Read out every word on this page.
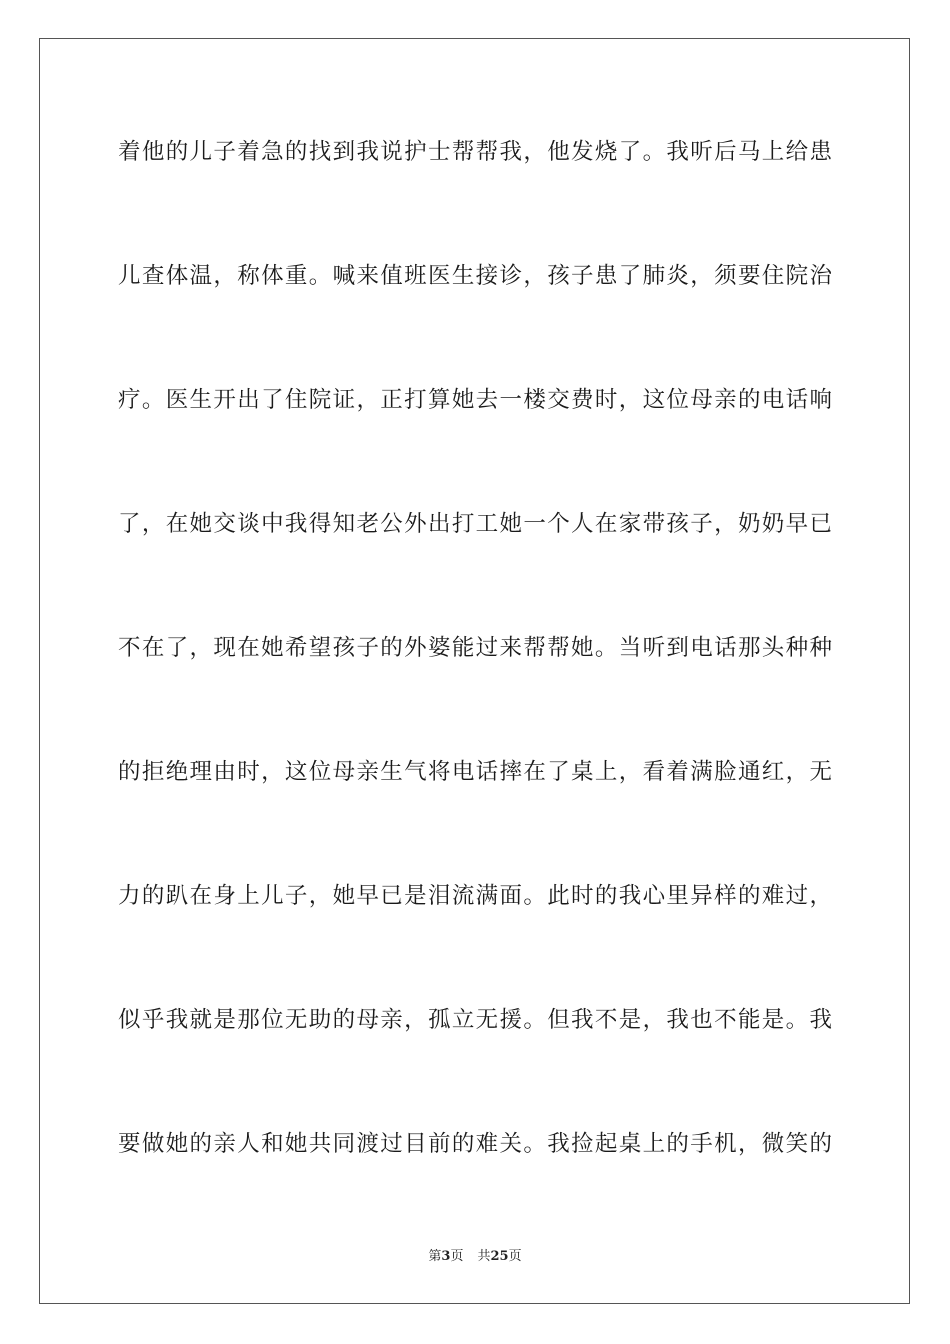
着他的儿子着急的找到我说护士帮帮我，他发烧了。我听后马上给患
儿查体温，称体重。喊来值班医生接诊，孩子患了肺炎，须要住院治
疗。医生开出了住院证，正打算她去一楼交费时，这位母亲的电话响
了，在她交谈中我得知老公外出打工她一个人在家带孩子，奶奶早已
不在了，现在她希望孩子的外婆能过来帮帮她。当听到电话那头种种
的拒绝理由时，这位母亲生气将电话摔在了桌上，看着满脸通红，无
力的趴在身上儿子，她早已是泪流满面。此时的我心里异样的难过，
似乎我就是那位无助的母亲，孤立无援。但我不是，我也不能是。我
要做她的亲人和她共同渡过目前的难关。我捡起桌上的手机，微笑的
第3页 共25页
